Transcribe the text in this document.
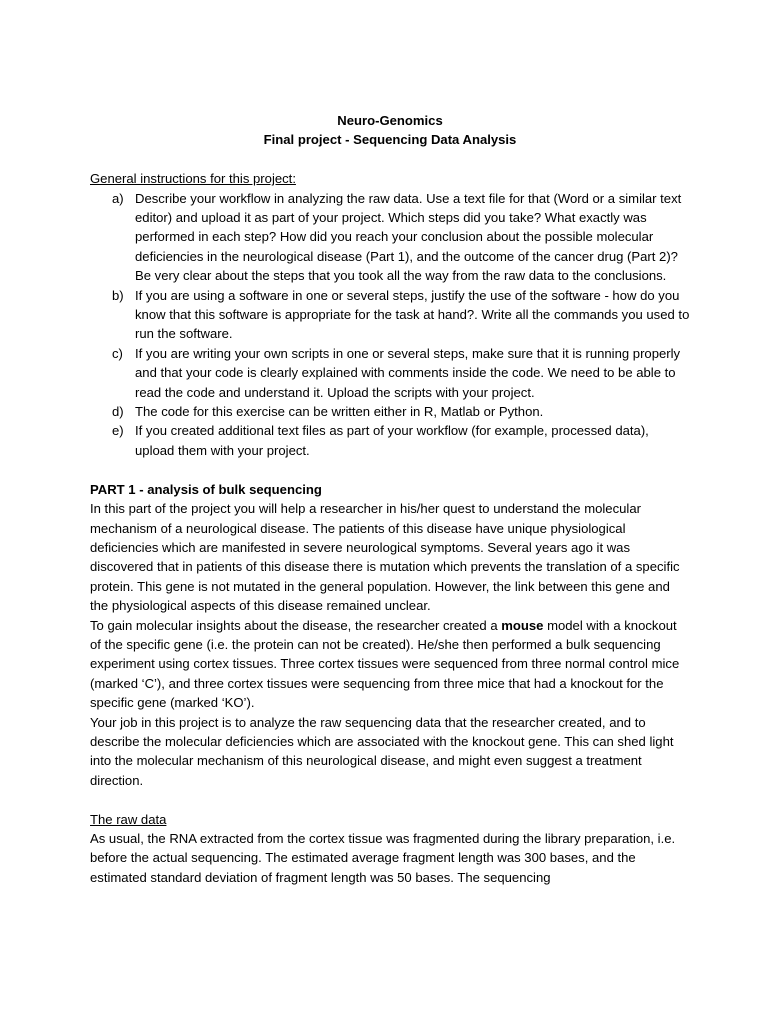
Neuro-Genomics

Final project - Sequencing Data Analysis

General instructions for this project:

a) Describe your workflow in analyzing the raw data. Use a text file for that (Word or a similar text editor) and upload it as part of your project. Which steps did you take? What exactly was performed in each step? How did you reach your conclusion about the possible molecular deficiencies in the neurological disease (Part 1), and the outcome of the cancer drug (Part 2)? Be very clear about the steps that you took all the way from the raw data to the conclusions.
b) If you are using a software in one or several steps, justify the use of the software - how do you know that this software is appropriate for the task at hand?. Write all the commands you used to run the software.
c) If you are writing your own scripts in one or several steps, make sure that it is running properly and that your code is clearly explained with comments inside the code. We need to be able to read the code and understand it. Upload the scripts with your project.
d) The code for this exercise can be written either in R, Matlab or Python.
e) If you created additional text files as part of your workflow (for example, processed data), upload them with your project.

PART 1 - analysis of bulk sequencing

In this part of the project you will help a researcher in his/her quest to understand the molecular mechanism of a neurological disease. The patients of this disease have unique physiological deficiencies which are manifested in severe neurological symptoms. Several years ago it was discovered that in patients of this disease there is mutation which prevents the translation of a specific protein. This gene is not mutated in the general population. However, the link between this gene and the physiological aspects of this disease remained unclear.

To gain molecular insights about the disease, the researcher created a mouse model with a knockout of the specific gene (i.e. the protein can not be created). He/she then performed a bulk sequencing experiment using cortex tissues. Three cortex tissues were sequenced from three normal control mice (marked ‘C’), and three cortex tissues were sequencing from three mice that had a knockout for the specific gene (marked ‘KO’).

Your job in this project is to analyze the raw sequencing data that the researcher created, and to describe the molecular deficiencies which are associated with the knockout gene. This can shed light into the molecular mechanism of this neurological disease, and might even suggest a treatment direction.

The raw data

As usual, the RNA extracted from the cortex tissue was fragmented during the library preparation, i.e. before the actual sequencing. The estimated average fragment length was 300 bases, and the estimated standard deviation of fragment length was 50 bases. The sequencing
